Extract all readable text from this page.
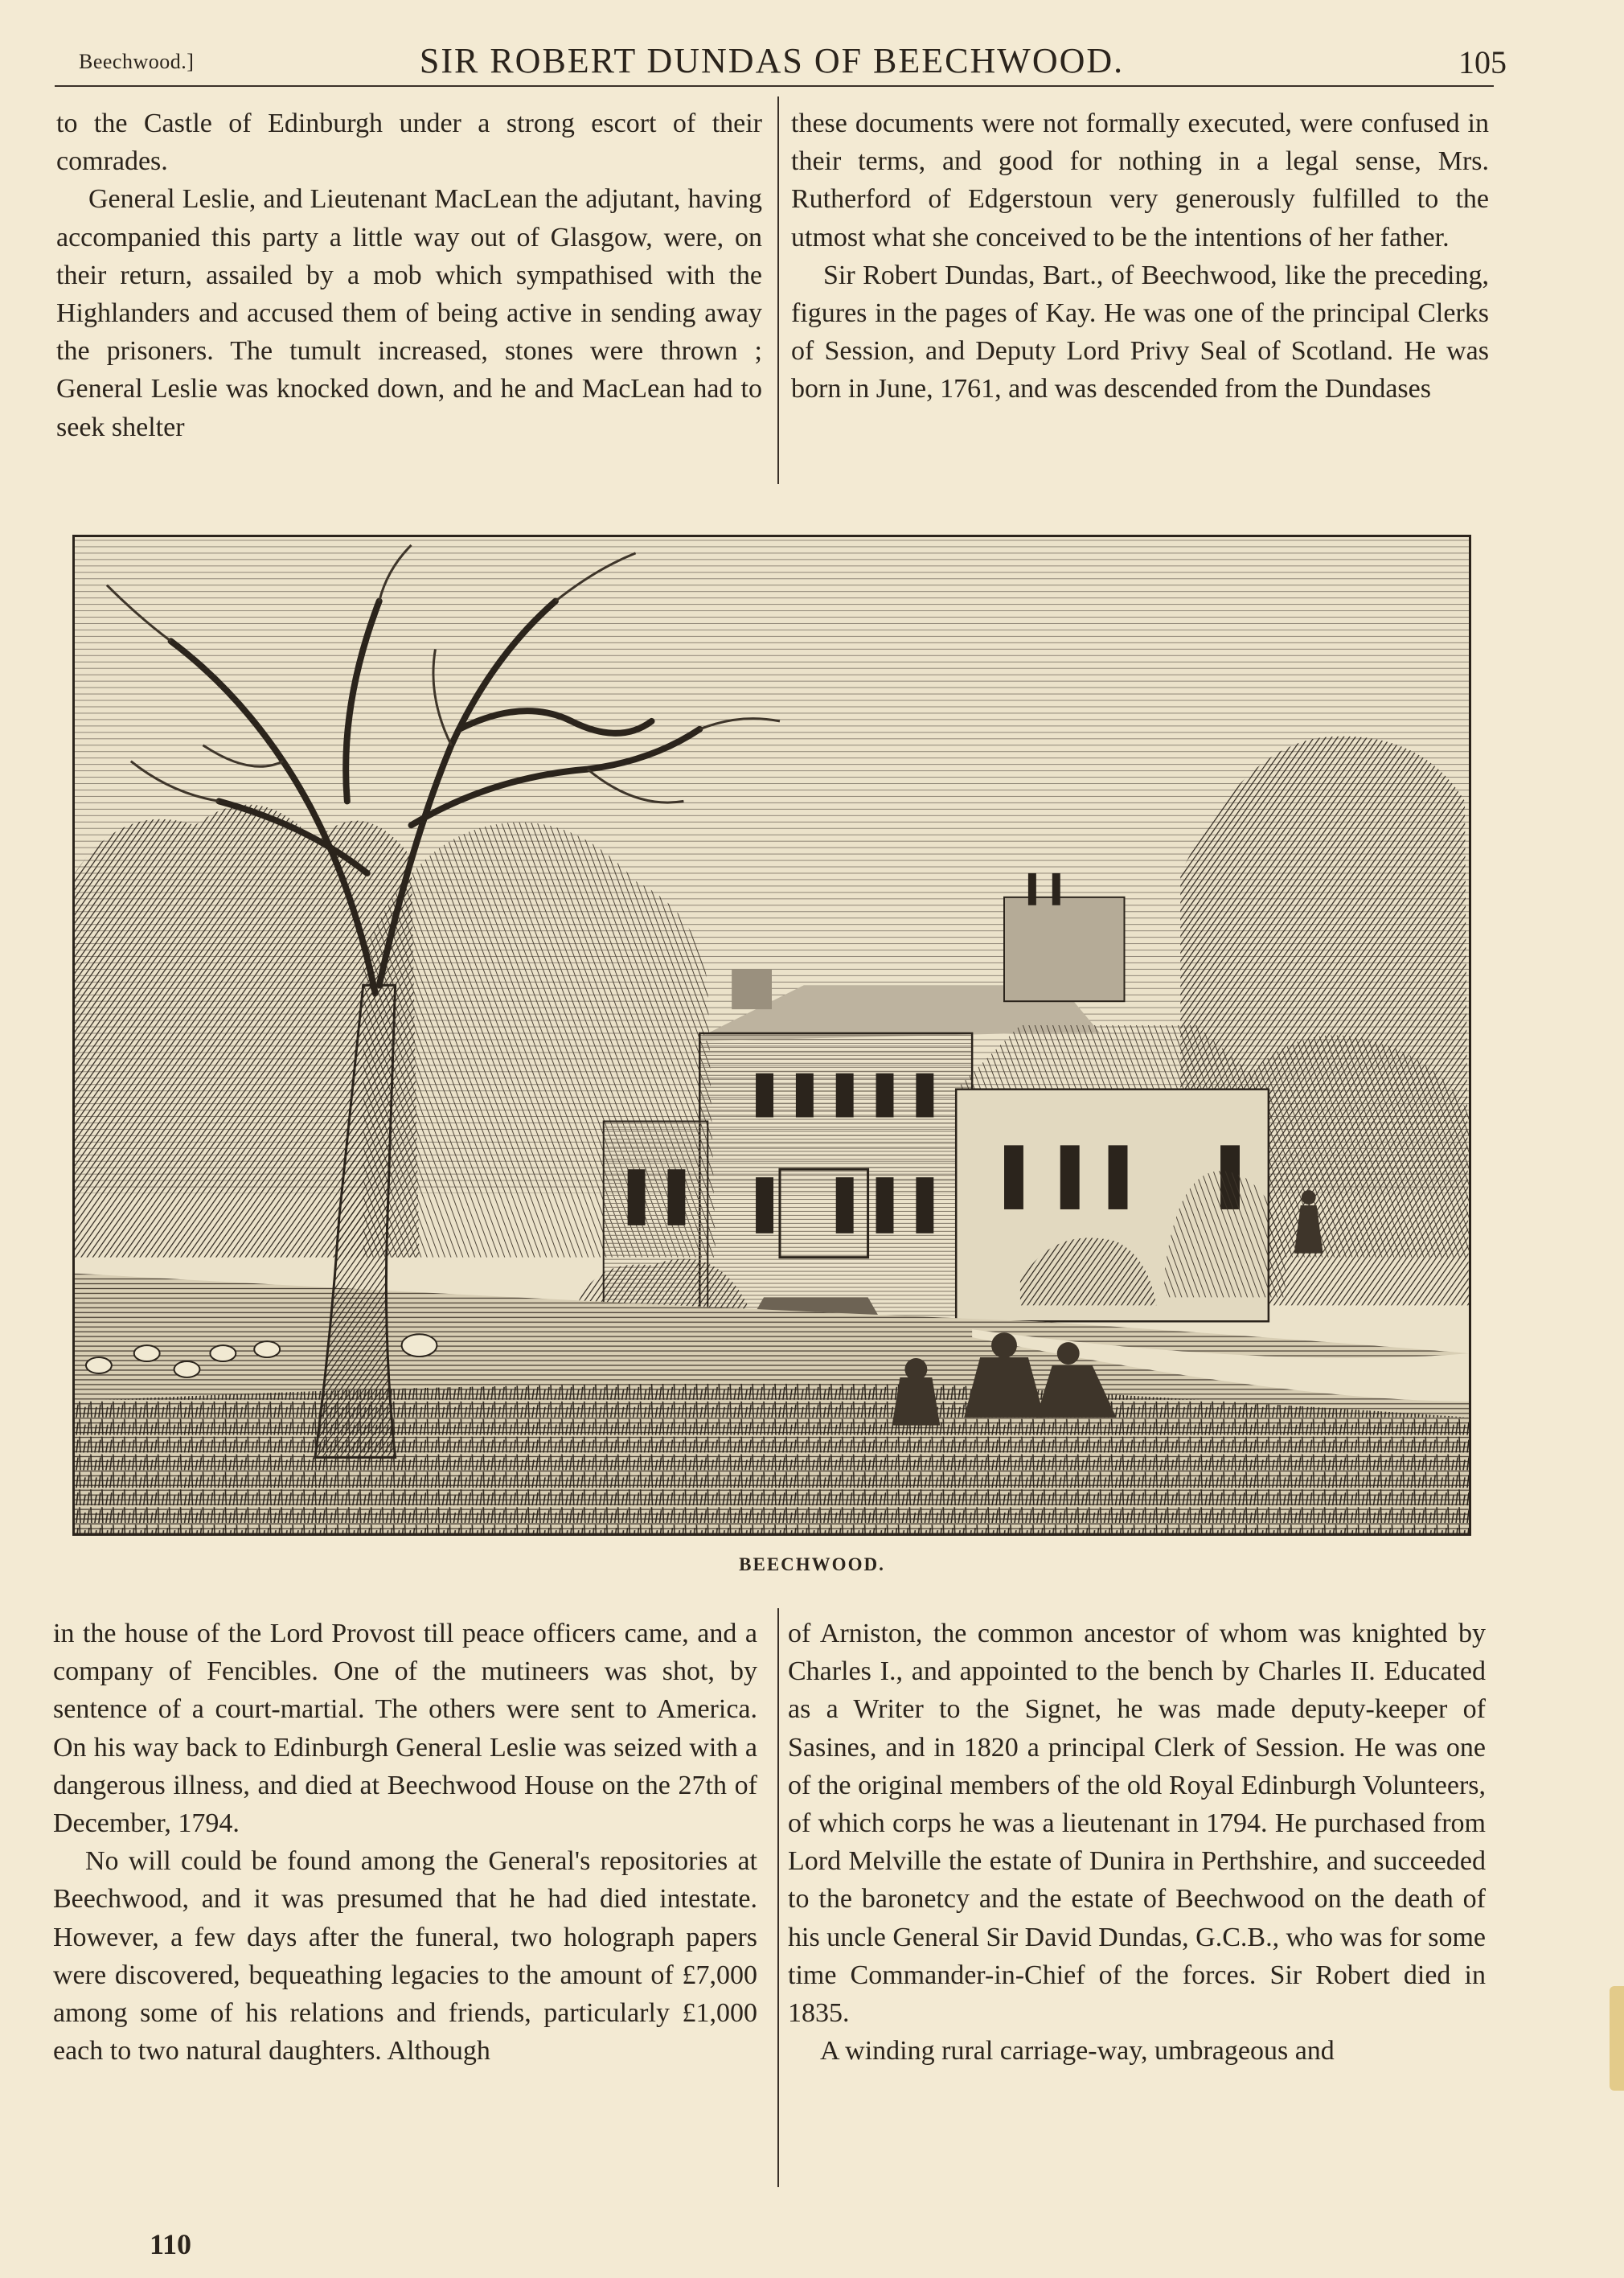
Beechwood.]	SIR ROBERT DUNDAS OF BEECHWOOD.	105

to the Castle of Edinburgh under a strong escort of their comrades.

General Leslie, and Lieutenant MacLean the adjutant, having accompanied this party a little way out of Glasgow, were, on their return, assailed by a mob which sympathised with the Highlanders and accused them of being active in sending away the prisoners. The tumult increased, stones were thrown ; General Leslie was knocked down, and he and MacLean had to seek shelter

these documents were not formally executed, were confused in their terms, and good for nothing in a legal sense, Mrs. Rutherford of Edgerstoun very generously fulfilled to the utmost what she conceived to be the intentions of her father.

Sir Robert Dundas, Bart., of Beechwood, like the preceding, figures in the pages of Kay. He was one of the principal Clerks of Session, and Deputy Lord Privy Seal of Scotland. He was born in June, 1761, and was descended from the Dundases

BEECHWOOD.

in the house of the Lord Provost till peace officers came, and a company of Fencibles. One of the mutineers was shot, by sentence of a court-martial. The others were sent to America. On his way back to Edinburgh General Leslie was seized with a dangerous illness, and died at Beechwood House on the 27th of December, 1794.

No will could be found among the General's repositories at Beechwood, and it was presumed that he had died intestate. However, a few days after the funeral, two holograph papers were discovered, bequeathing legacies to the amount of £7,000 among some of his relations and friends, particularly £1,000 each to two natural daughters. Although

of Arniston, the common ancestor of whom was knighted by Charles I., and appointed to the bench by Charles II. Educated as a Writer to the Signet, he was made deputy-keeper of Sasines, and in 1820 a principal Clerk of Session. He was one of the original members of the old Royal Edinburgh Volunteers, of which corps he was a lieutenant in 1794. He purchased from Lord Melville the estate of Dunira in Perthshire, and succeeded to the baronetcy and the estate of Beechwood on the death of his uncle General Sir David Dundas, G.C.B., who was for some time Commander-in-Chief of the forces. Sir Robert died in 1835.

A winding rural carriage-way, umbrageous and

110
